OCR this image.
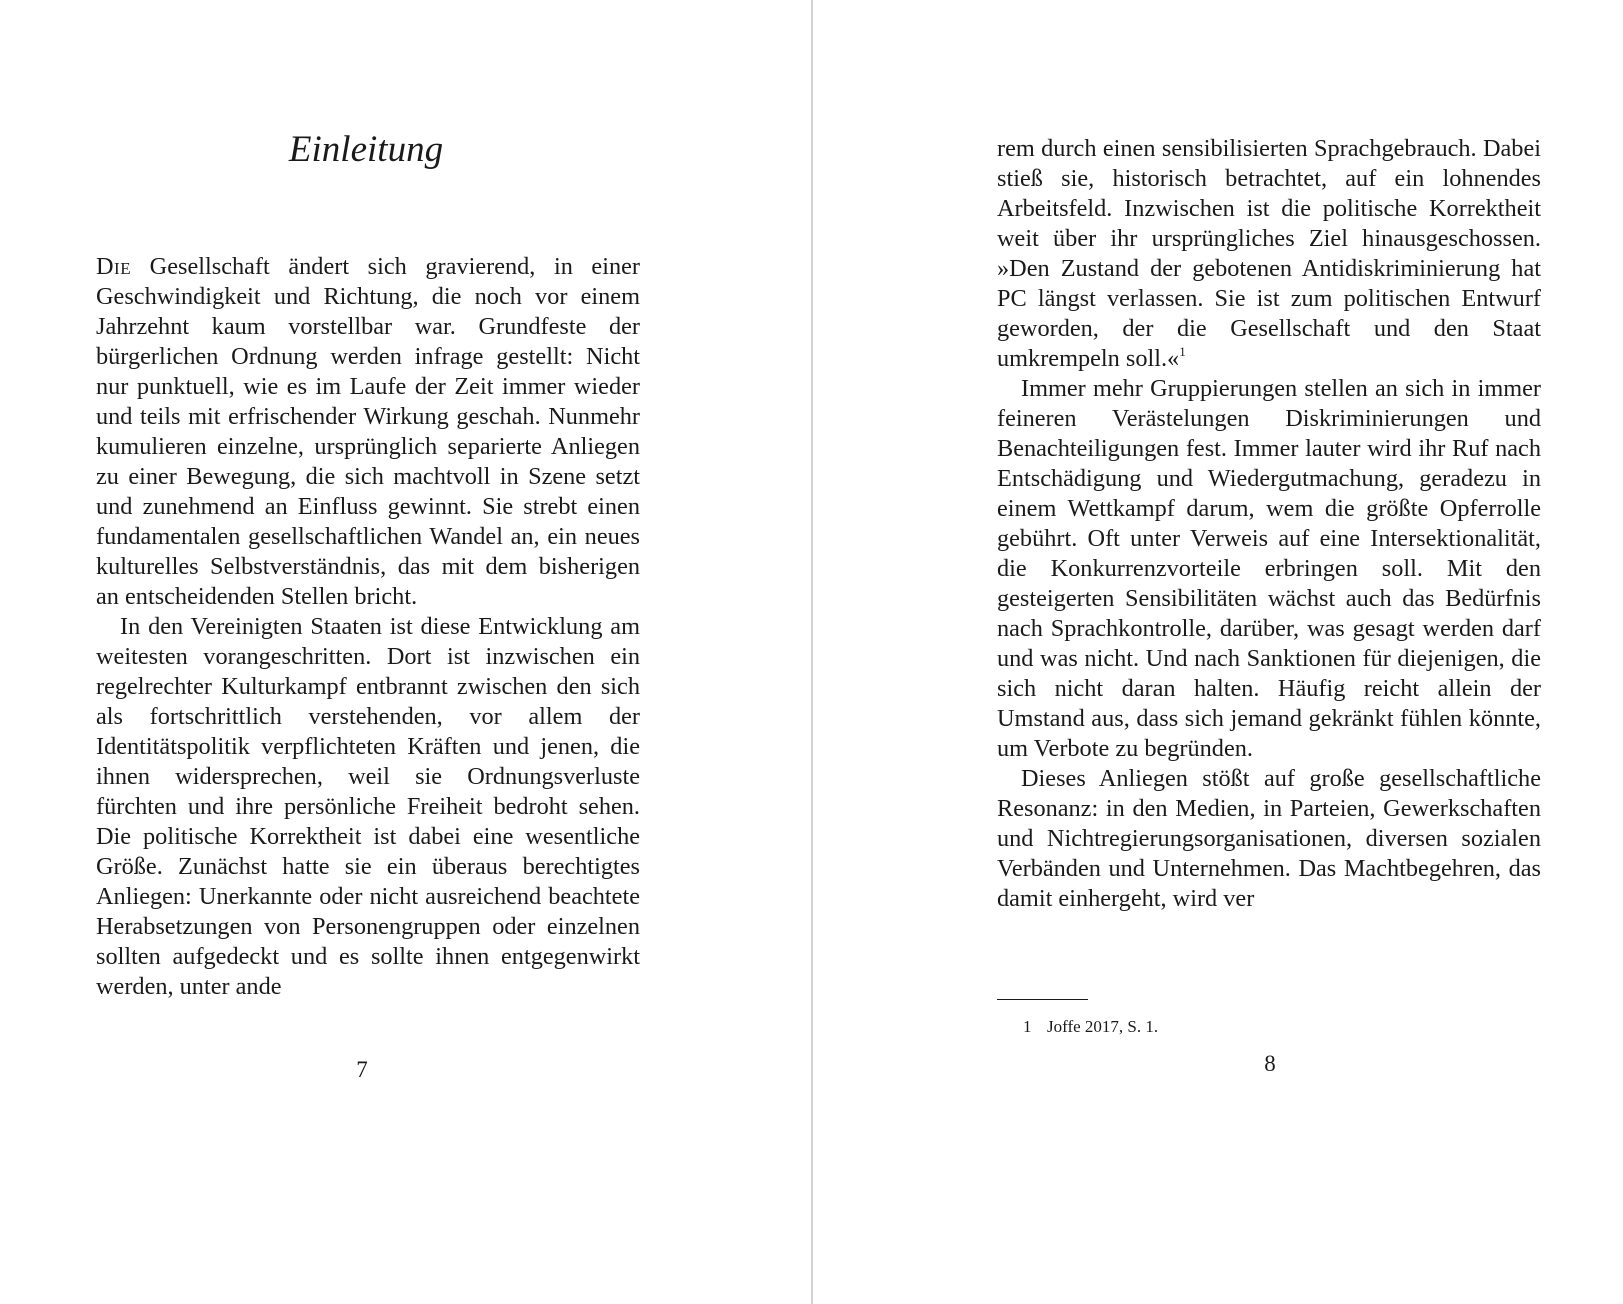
Einleitung

Die Gesellschaft ändert sich gravierend, in einer Geschwindigkeit und Richtung, die noch vor einem Jahrzehnt kaum vorstellbar war. Grundfeste der bürgerlichen Ordnung werden infrage gestellt: Nicht nur punktuell, wie es im Laufe der Zeit immer wieder und teils mit erfrischender Wirkung geschah. Nunmehr kumulieren einzelne, ursprünglich separierte Anliegen zu einer Bewegung, die sich machtvoll in Szene setzt und zunehmend an Einfluss gewinnt. Sie strebt einen fundamentalen gesellschaftlichen Wandel an, ein neues kulturelles Selbstverständnis, das mit dem bisherigen an entscheidenden Stellen bricht.

In den Vereinigten Staaten ist diese Entwicklung am weitesten vorangeschritten. Dort ist inzwischen ein regelrechter Kulturkampf entbrannt zwischen den sich als fortschrittlich verstehenden, vor allem der Identitätspolitik verpflichteten Kräften und jenen, die ihnen widersprechen, weil sie Ordnungsverluste fürchten und ihre persönliche Freiheit bedroht sehen. Die politische Korrektheit ist dabei eine wesentliche Größe. Zunächst hatte sie ein überaus berechtigtes Anliegen: Unerkannte oder nicht ausreichend beachtete Herabsetzungen von Personengruppen oder einzelnen sollten aufgedeckt und es sollte ihnen entgegenwirkt werden, unter ande

7

rem durch einen sensibilisierten Sprachgebrauch. Dabei stieß sie, historisch betrachtet, auf ein lohnendes Arbeitsfeld. Inzwischen ist die politische Korrektheit weit über ihr ursprüngliches Ziel hinausgeschossen. »Den Zustand der gebotenen Antidiskriminierung hat PC längst verlassen. Sie ist zum politischen Entwurf geworden, der die Gesellschaft und den Staat umkrempeln soll.«$^1$

Immer mehr Gruppierungen stellen an sich in immer feineren Verästelungen Diskriminierungen und Benachteiligungen fest. Immer lauter wird ihr Ruf nach Entschädigung und Wiedergutmachung, geradezu in einem Wettkampf darum, wem die größte Opferrolle gebührt. Oft unter Verweis auf eine Intersektionalität, die Konkurrenzvorteile erbringen soll. Mit den gesteigerten Sensibilitäten wächst auch das Bedürfnis nach Sprachkontrolle, darüber, was gesagt werden darf und was nicht. Und nach Sanktionen für diejenigen, die sich nicht daran halten. Häufig reicht allein der Umstand aus, dass sich jemand gekränkt fühlen könnte, um Verbote zu begründen.

Dieses Anliegen stößt auf große gesellschaftliche Resonanz: in den Medien, in Parteien, Gewerkschaften und Nichtregierungsorganisationen, diversen sozialen Verbänden und Unternehmen. Das Machtbegehren, das damit einhergeht, wird ver

1 Joffe 2017, S. 1.
8
